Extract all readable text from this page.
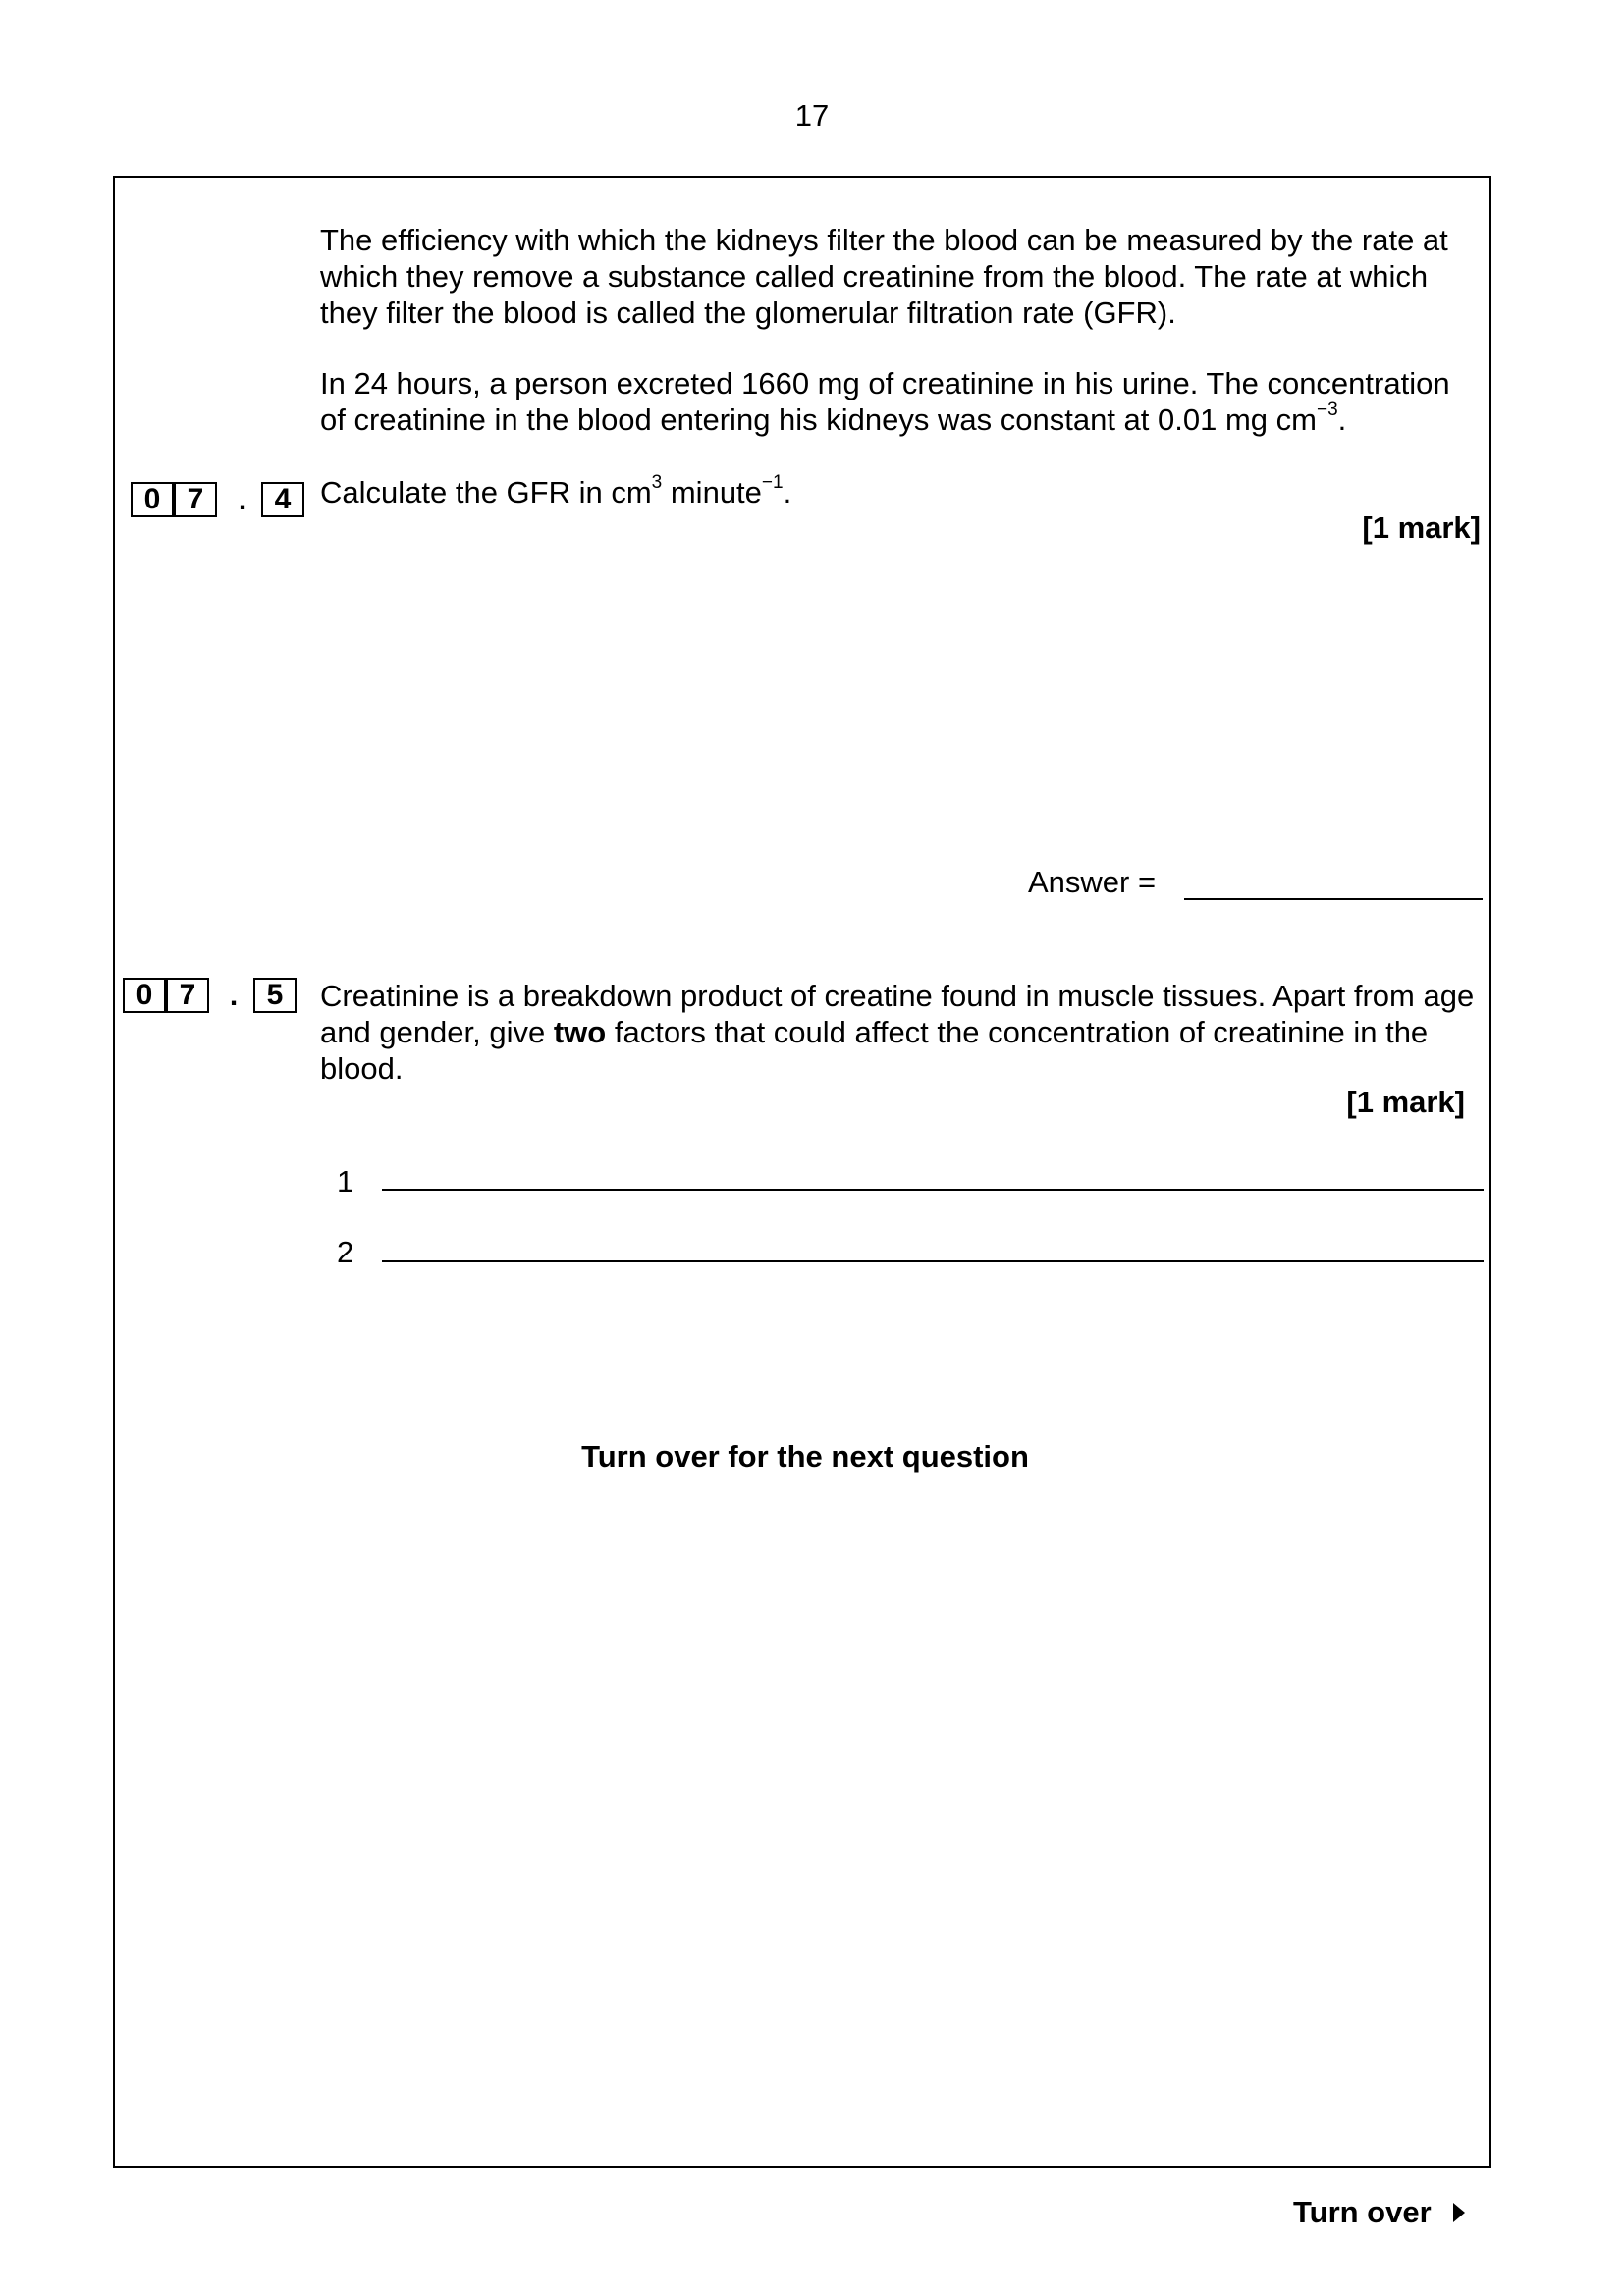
17
The efficiency with which the kidneys filter the blood can be measured by the rate at which they remove a substance called creatinine from the blood. The rate at which they filter the blood is called the glomerular filtration rate (GFR).
In 24 hours, a person excreted 1660 mg of creatinine in his urine. The concentration of creatinine in the blood entering his kidneys was constant at 0.01 mg $cm^{-3}$.
0 7	. 4 Calculate the GFR in $cm^3$ minute$^{-1}$.
[1 mark]
Answer =
0 7	. 5	Creatinine is a breakdown product of creatine found in muscle tissues. Apart from age and gender, give two factors that could affect the concentration of creatinine in the blood.
[1 mark]
1
2
Turn over for the next question
Turn over
